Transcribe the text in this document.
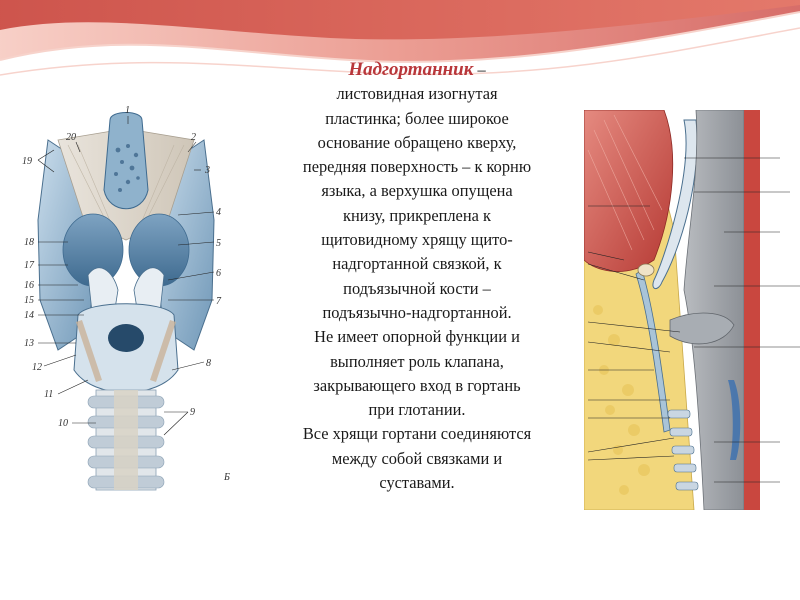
Надгортанник –

листовидная изогнутая

пластинка; более широкое

основание обращено кверху,

передняя поверхность – к корню

языка, а верхушка опущена

книзу, прикреплена к

щитовидному хрящу щито-

надгортанной связкой, к

подъязычной кости –

подъязычно-надгортанной.

Не имеет опорной функции и

выполняет роль клапана,

закрывающего вход в гортань

при глотании.

Все хрящи гортани соединяются

между собой связками и

суставами.

1
2
3
4
5
6
7
8
9
10
11
12
13
14
15
16
17
18
19
20
Б
